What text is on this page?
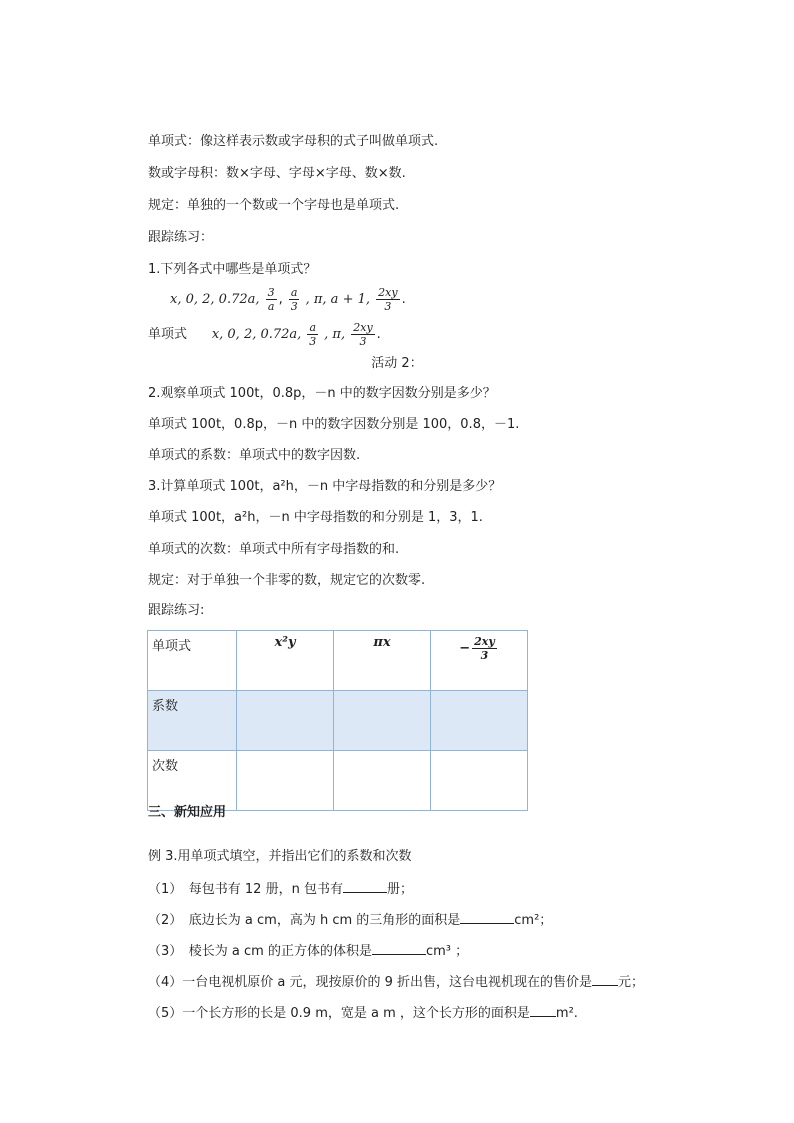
单项式：像这样表示数或字母积的式子叫做单项式.
数或字母积：数×字母、字母×字母、数×数.
规定：单独的一个数或一个字母也是单项式.
跟踪练习：
1.下列各式中哪些是单项式？
x, 0, 2, 0.72a, $\frac{3}{a}$ , $\frac{a}{3}$ , π, a + 1, $\frac{2xy}{3}$ .
单项式 x, 0, 2, 0.72a, $\frac{a}{3}$ , π, $\frac{2xy}{3}$ .
活动 2：
2.观察单项式 100t，0.8p，－n 中的数字因数分别是多少？
单项式 100t，0.8p，－n 中的数字因数分别是 100，0.8，－1.
单项式的系数：单项式中的数字因数.
3.计算单项式 100t，a²h，－n 中字母指数的和分别是多少？
单项式 100t，a²h，－n 中字母指数的和分别是 1，3，1.
单项式的次数：单项式中所有字母指数的和.
规定：对于单独一个非零的数，规定它的次数零.
跟踪练习:
单项式	x²y	πx	− $\frac{2xy}{3}$

系数			
次数			
三、新知应用
例 3.用单项式填空，并指出它们的系数和次数
（1）　每包书有 12 册，n 包书有	册；
（2）　底边长为 a cm，高为 h cm 的三角形的面积是	cm²；
（3）　棱长为 a cm 的正方体的体积是	cm³ ；
（4）一台电视机原价 a 元，现按原价的 9 折出售，这台电视机现在的售价是 元；
（5）一个长方形的长是 0.9 m，宽是 a m ，这个长方形的面积是 m².
